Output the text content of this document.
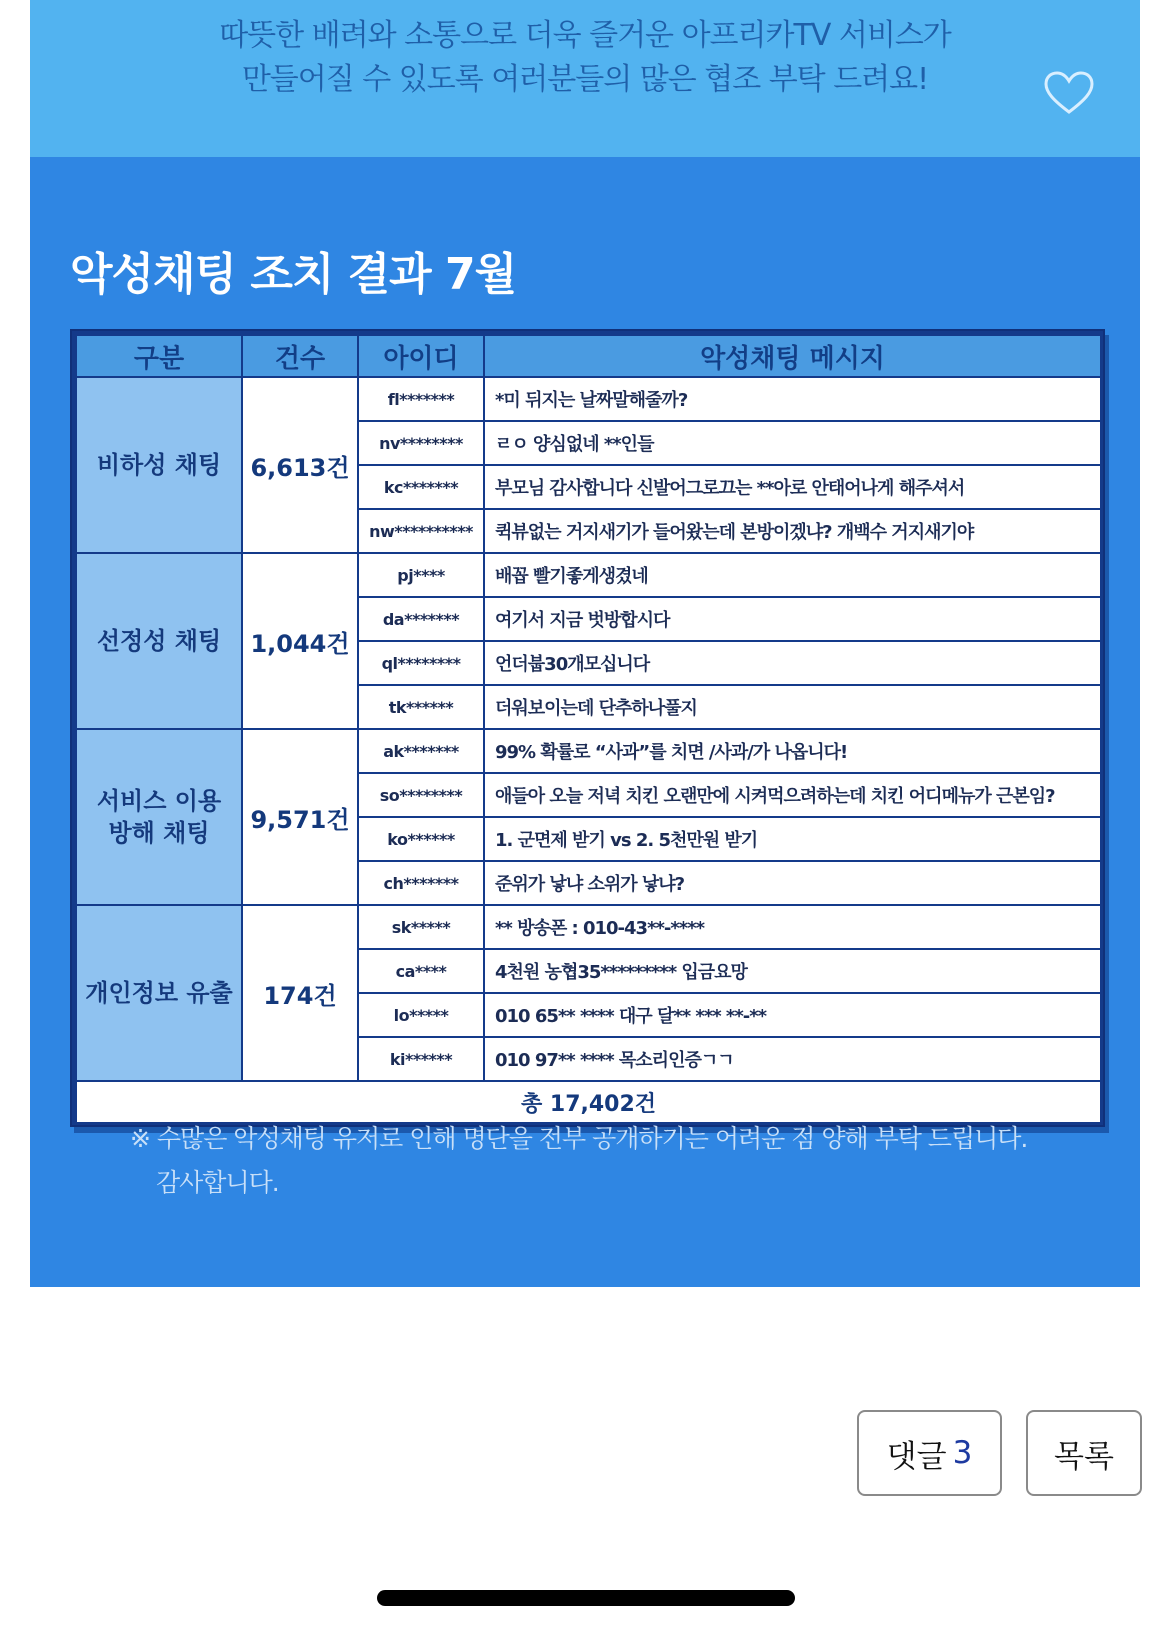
따뜻한 배려와 소통으로 더욱 즐거운 아프리카TV 서비스가
만들어질 수 있도록 여러분들의 많은 협조 부탁 드려요!
악성채팅 조치 결과 7월
구분	건수	아이디	악성채팅 메시지
비하성 채팅	6,613건	fl*******	*미 뒤지는 날짜말해줄까?
		nv********	ㄹㅇ 양심없네 **인들
		kc*******	부모님 감사합니다 신발어그로끄는 **아로 안태어나게 해주셔서
		nw**********	퀵뷰없는 거지새기가 들어왔는데 본방이겠냐? 개백수 거지새기야
선정성 채팅	1,044건	pj****	배꼽 빨기좋게생겼네
		da*******	여기서 지금 벗방합시다
		ql********	언더붑30개모십니다
		tk******	더워보이는데 단추하나풀지

서비스 이용
방해 채팅	9,571건	ak*******	99% 확률로 “사과”를 치면 /사과/가 나옵니다!
		so********	애들아 오늘 저녁 치킨 오랜만에 시켜먹으려하는데 치킨 어디메뉴가 근본임?
		ko******	1. 군면제 받기 vs 2. 5천만원 받기
		ch*******	준위가 낳냐 소위가 낳냐?
개인정보 유출	174건	sk*****	** 방송폰 : 010-43**-****
		ca****	4천원 농협35********* 입금요망
		lo*****	010 65** **** 대구 달** *** **-**
		ki******	010 97** **** 목소리인증ㄱㄱ
총 17,402건			
※ 수많은 악성채팅 유저로 인해 명단을 전부 공개하기는 어려운 점 양해 부탁 드립니다.
감사합니다.
댓글 3	목록
